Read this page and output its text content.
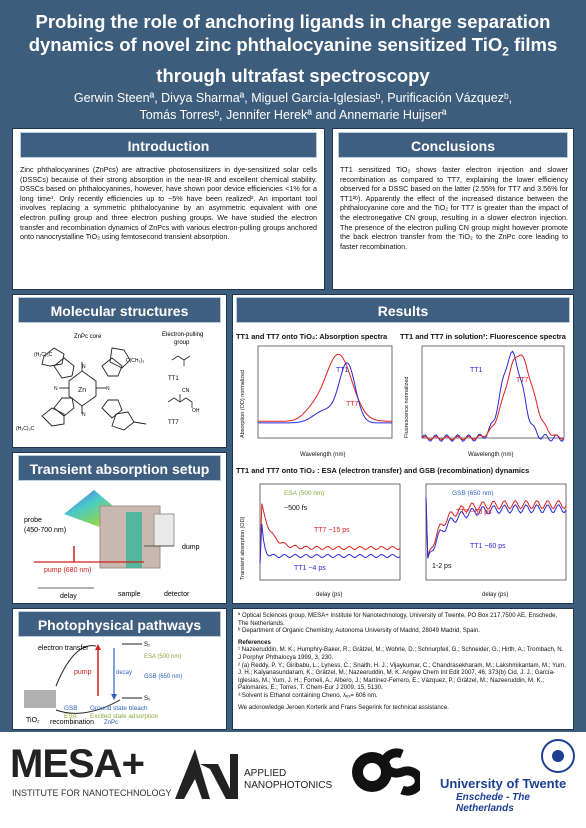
Probing the role of anchoring ligands in charge separation
dynamics of novel zinc phthalocyanine sensitized TiO$_2$ films
through ultrafast spectroscopy
Gerwin Steenª, Divya Sharmaª, Miguel García-Iglesiasᵇ, Purificación Vázquezᵇ,
Tomás Torresᵇ, Jennifer Herekª and Annemarie Huijserª
Introduction
Zinc phthalocyanines (ZnPcs) are attractive photosensitizers in dye-sensitized solar cells (DSSCs) because of their strong absorption in the near-IR and excellent chemical stability. DSSCs based on phthalocyanines, however, have shown poor device efficiencies <1% for a long time¹. Only recently efficiencies up to ~5% have been realized². An important tool involves replacing a symmetric phthalocyanine by an asymmetric equivalent with one electron pulling group and three electron pushing groups. We have studied the electron transfer and recombination dynamics of ZnPcs with various electron-pulling groups anchored onto nanocrystalline TiO₂ using femtosecond transient absorption.
Conclusions
TT1 sensitized TiO₂ shows faster electron injection and slower recombination as compared to TT7, explaining the lower efficiency observed for a DSSC based on the latter (2.55% for TT7 and 3.56% for TT1²ᵇ). Apparently the effect of the increased distance between the phthalocyanine core and the TiO₂ for TT7 is greater than the impact of the electronegative CN group, resulting in a slower electron injection. The presence of the electron pulling CN group might however promote the back electron transfer from the TiO₂ to the ZnPc core leading to faster recombination.
Molecular structures
ZnPc core	Electron-pulling
group
(H₃C)₃C
C(CH₃)₃
(H₃C)₃C
Zn
N
N	N
N
TT1
CN
OH
TT7
Transient absorption setup
probe
(450-700 nm)
pump (680 nm)
dump
delay	sample	detector
Photophysical pathways
electron transfer
pump	decay
recombination
TiO₂	ZnPc
S₁
S₀
ESA (500 nm)
GSB (650 nm)
GSB Ground state bleach
ESA Excited state adsorption
Results
TT1 and TT7 onto TiO₂: Absorption spectra TT1 and TT7 in solution³: Fluorescence spectra
Wavelength (nm)
Absorption (OD) normalized	TT1
TT7
Wavelength (nm)
Fluorescence normalized
TT1
TT7
TT1 and TT7 onto TiO₂ : ESA (electron transfer) and GSB (recombination) dynamics
delay (ps)
Transient absorption (OD)
ESA (500 nm)
~500 fs
TT7 ~15 ps
TT1 ~4 ps
delay (ps)
GSB (650 nm)
TT7 ~50 ps
TT1 ~60 ps
1-2 ps
ª Optical Sciences group, MESA+ Institute for Nanotechnology, University of Twente, PO Box 217,7500 AE, Enschede, The Netherlands.
ᵇ Department of Organic Chemistry, Autonoma University of Madrid, 28049 Madrid, Spain.
References
¹ Nazeeruddin, M. K.; Humphry-Baker, R.; Grätzel, M.; Wohrle, D.; Schnurpfeil, G.; Schneider, G.; Hirth, A.; Trombach, N. J Porphyr Phthalocya 1999, 3, 230.
² (a) Reddy, P. Y.; Giribabu, L.; Lyness, C.; Snaith, H. J.; Vijaykumar, C.; Chandrasekharam, M.; Lakshmikantam, M.; Yum, J. H.; Kalyanasundaram, K.; Grätzel, M.; Nazeeruddin, M. K. Angew Chem Int Edit 2007, 46, 373(b) Cid, J. J.; García-Iglesias, M.; Yum, J. H.; Forneli, A.; Albero, J.; Martínez-Ferrero, E.; Vázquez, P.; Grätzel, M.; Nazeeruddin, M. K.; Palomares, E.; Torres, T. Chem-Eur J 2009, 15, 5130.
³ Solvent is Ethanol containing Cheno, λₑₓ= 606 nm.
We acknowledge Jeroen Korterik and Frans Segerink for technical assistance.
MESA+
INSTITUTE FOR NANOTECHNOLOGY
APPLIED
NANOPHOTONICS	University of Twente
Enschede - The Netherlands
